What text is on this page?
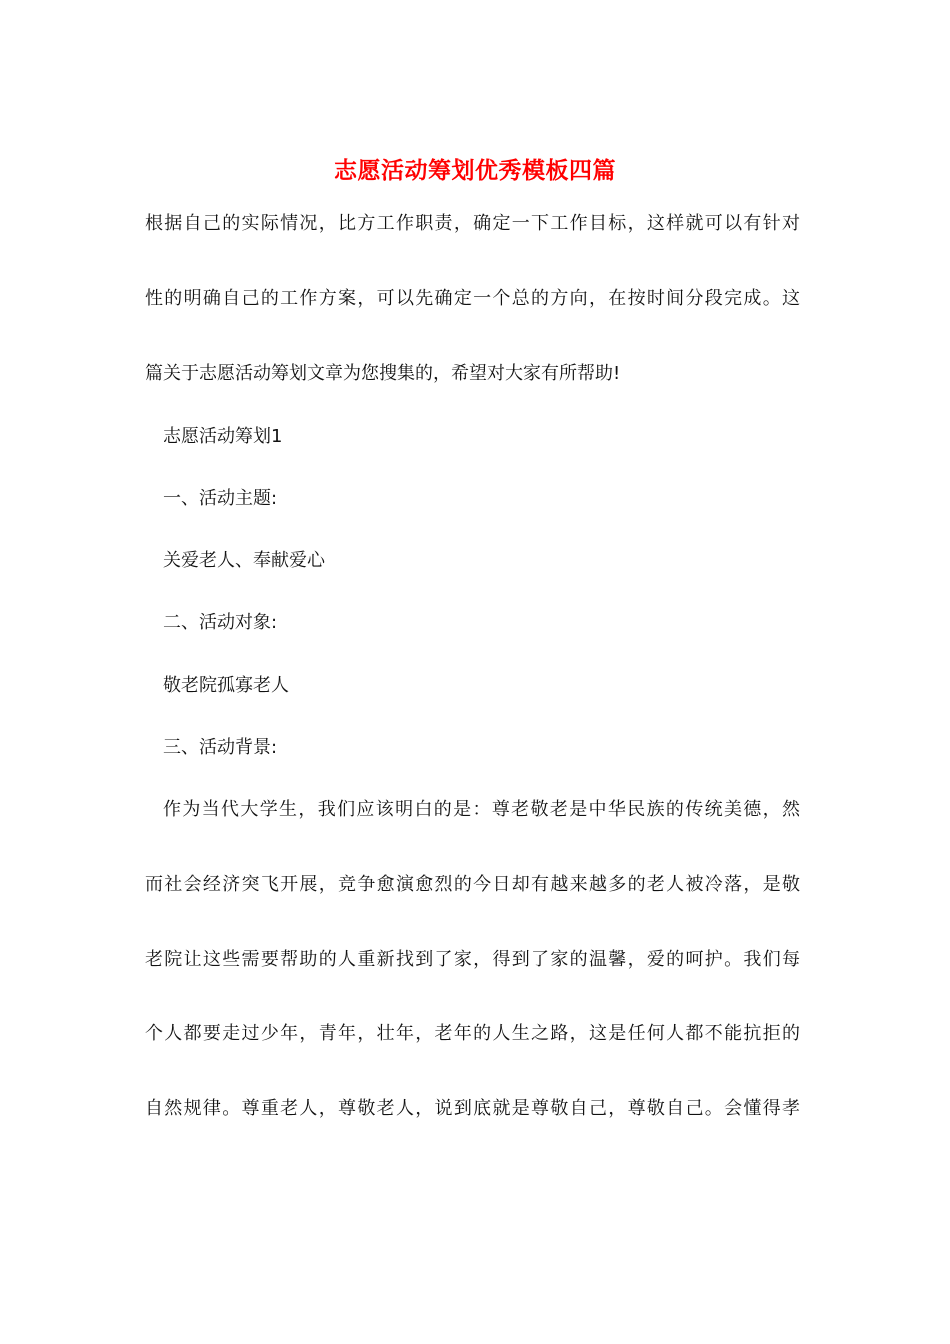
志愿活动筹划优秀模板四篇
根据自己的实际情况，比方工作职责，确定一下工作目标，这样就可以有针对
性的明确自己的工作方案，可以先确定一个总的方向，在按时间分段完成。这
篇关于志愿活动筹划文章为您搜集的，希望对大家有所帮助!
志愿活动筹划1
一、活动主题:
关爱老人、奉献爱心
二、活动对象:
敬老院孤寡老人
三、活动背景:
作为当代大学生，我们应该明白的是：尊老敬老是中华民族的传统美德，然
而社会经济突飞开展，竞争愈演愈烈的今日却有越来越多的老人被冷落，是敬
老院让这些需要帮助的人重新找到了家，得到了家的温馨，爱的呵护。我们每
个人都要走过少年，青年，壮年，老年的人生之路，这是任何人都不能抗拒的
自然规律。尊重老人，尊敬老人，说到底就是尊敬自己，尊敬自己。会懂得孝
